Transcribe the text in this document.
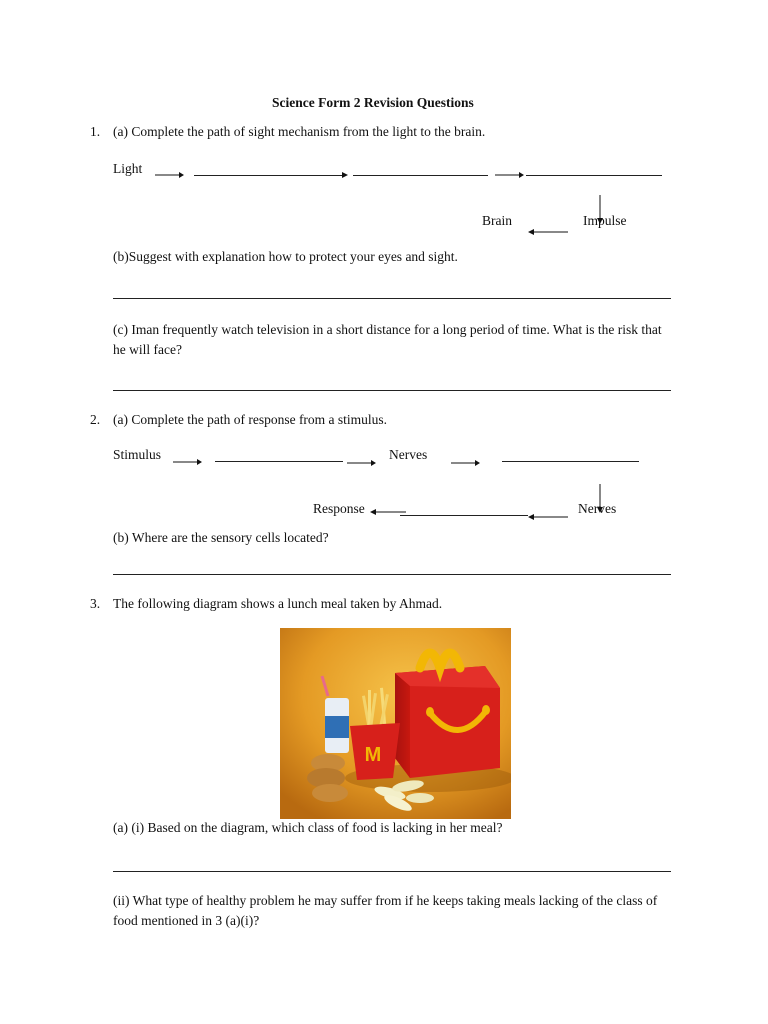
Science Form 2 Revision Questions
1. (a) Complete the path of sight mechanism from the light to the brain.
Light
Brain	Impulse
(b)Suggest with explanation how to protect your eyes and sight.
(c) Iman frequently watch television in a short distance for a long period of time. What is the risk that he will face?
2. (a) Complete the path of response from a stimulus.
Stimulus	Nerves
Response	Nerves
(b) Where are the sensory cells located?
3. The following diagram shows a lunch meal taken by Ahmad.
M
(a) (i) Based on the diagram, which class of food is lacking in her meal?
(ii) What type of healthy problem he may suffer from if he keeps taking meals lacking of the class of food mentioned in 3 (a)(i)?
